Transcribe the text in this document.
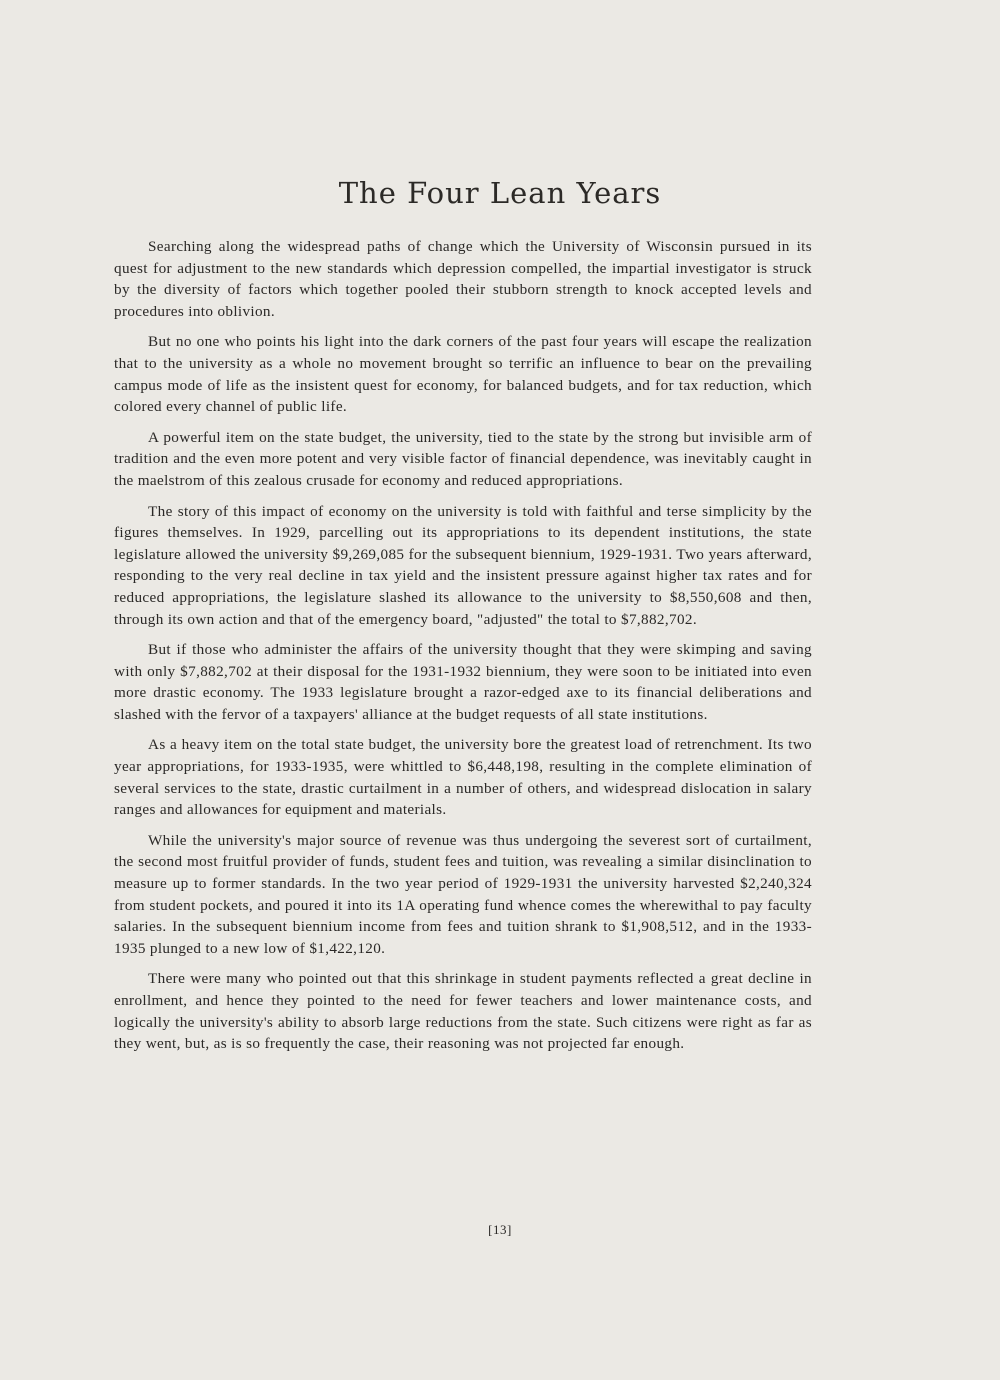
The Four Lean Years

Searching along the widespread paths of change which the University of Wisconsin pursued in its quest for adjustment to the new standards which depression compelled, the impartial investigator is struck by the diversity of factors which together pooled their stubborn strength to knock accepted levels and procedures into oblivion.

But no one who points his light into the dark corners of the past four years will escape the realization that to the university as a whole no movement brought so terrific an influence to bear on the prevailing campus mode of life as the insistent quest for economy, for balanced budgets, and for tax reduction, which colored every channel of public life.

A powerful item on the state budget, the university, tied to the state by the strong but invisible arm of tradition and the even more potent and very visible factor of financial dependence, was inevitably caught in the maelstrom of this zealous crusade for economy and reduced appropriations.

The story of this impact of economy on the university is told with faithful and terse simplicity by the figures themselves. In 1929, parcelling out its appropriations to its dependent institutions, the state legislature allowed the university $9,269,085 for the subsequent biennium, 1929-1931. Two years afterward, responding to the very real decline in tax yield and the insistent pressure against higher tax rates and for reduced appropriations, the legislature slashed its allowance to the university to $8,550,608 and then, through its own action and that of the emergency board, "adjusted" the total to $7,882,702.

But if those who administer the affairs of the university thought that they were skimping and saving with only $7,882,702 at their disposal for the 1931-1932 biennium, they were soon to be initiated into even more drastic economy. The 1933 legislature brought a razor-edged axe to its financial deliberations and slashed with the fervor of a taxpayers' alliance at the budget requests of all state institutions.

As a heavy item on the total state budget, the university bore the greatest load of retrenchment. Its two year appropriations, for 1933-1935, were whittled to $6,448,198, resulting in the complete elimination of several services to the state, drastic curtailment in a number of others, and widespread dislocation in salary ranges and allowances for equipment and materials.

While the university's major source of revenue was thus undergoing the severest sort of curtailment, the second most fruitful provider of funds, student fees and tuition, was revealing a similar disinclination to measure up to former standards. In the two year period of 1929-1931 the university harvested $2,240,324 from student pockets, and poured it into its 1A operating fund whence comes the wherewithal to pay faculty salaries. In the subsequent biennium income from fees and tuition shrank to $1,908,512, and in the 1933-1935 plunged to a new low of $1,422,120.

There were many who pointed out that this shrinkage in student payments reflected a great decline in enrollment, and hence they pointed to the need for fewer teachers and lower maintenance costs, and logically the university's ability to absorb large reductions from the state. Such citizens were right as far as they went, but, as is so frequently the case, their reasoning was not projected far enough.

[13]
